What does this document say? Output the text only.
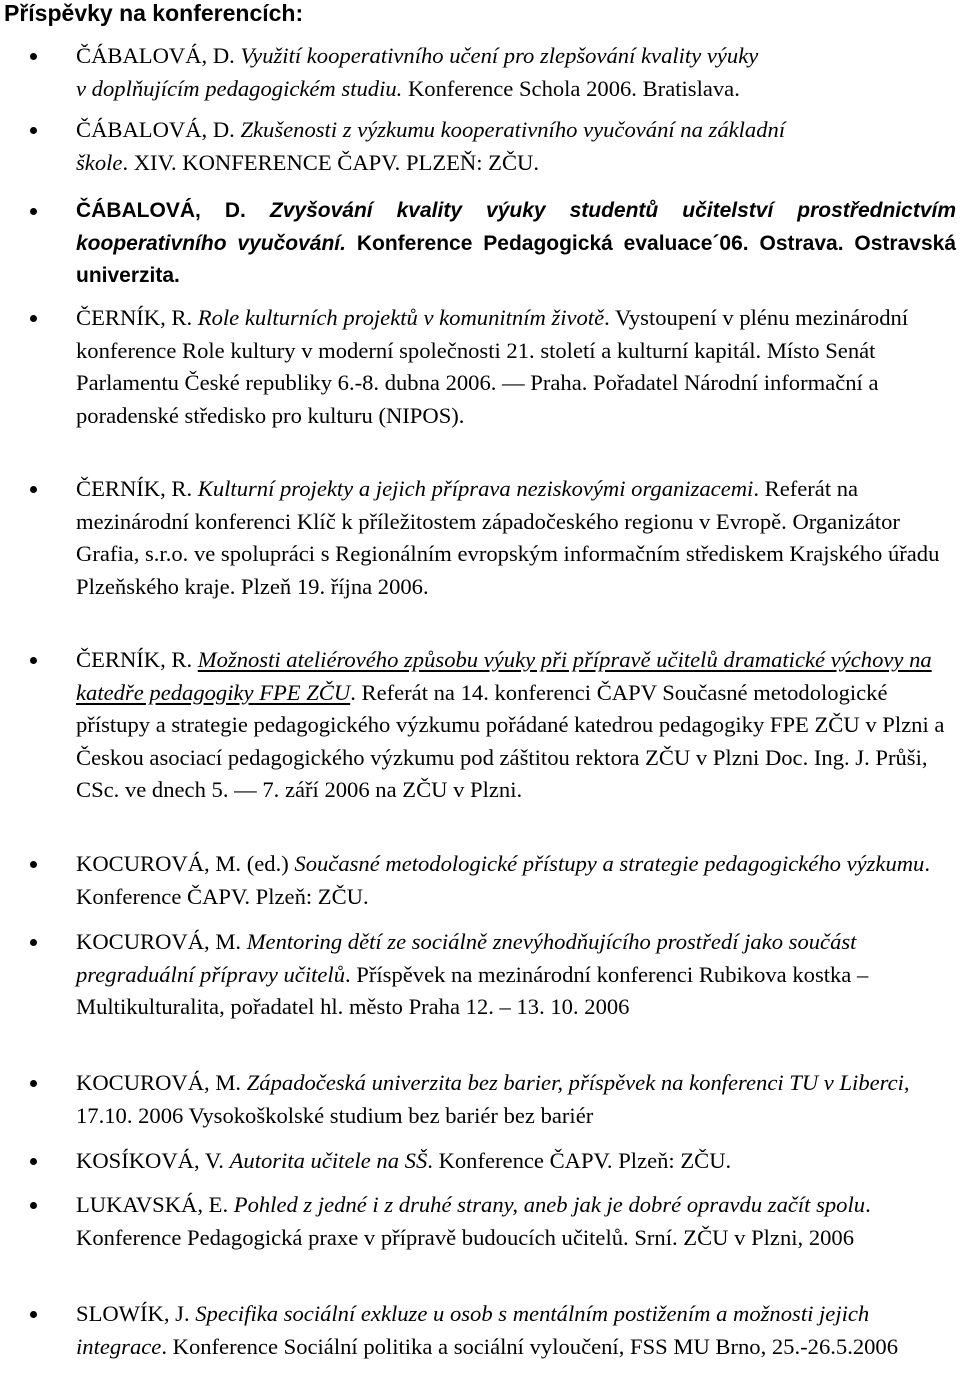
Příspěvky na konferencích:
ČÁBALOVÁ, D. Využití kooperativního učení pro zlepšování kvality výuky
v doplňujícím pedagogickém studiu. Konference Schola 2006. Bratislava.
ČÁBALOVÁ, D. Zkušenosti z výzkumu kooperativního vyučování na základní
škole. XIV. KONFERENCE ČAPV. PLZEŇ: ZČU.
ČÁBALOVÁ, D. Zvyšování kvality výuky studentů učitelství prostřednictvím kooperativního vyučování. Konference Pedagogická evaluace´06. Ostrava. Ostravská univerzita.
ČERNÍK, R. Role kulturních projektů v komunitním životě. Vystoupení v plénu mezinárodní konference Role kultury v moderní společnosti 21. století a kulturní kapitál. Místo Senát Parlamentu České republiky 6.-8. dubna 2006. ― Praha. Pořadatel Národní informační a poradenské středisko pro kulturu (NIPOS).
ČERNÍK, R. Kulturní projekty a jejich příprava neziskovými organizacemi. Referát na mezinárodní konferenci Klíč k příležitostem západočeského regionu v Evropě. Organizátor Grafia, s.r.o. ve spolupráci s Regionálním evropským informačním střediskem Krajského úřadu Plzeňského kraje. Plzeň 19. října 2006.
ČERNÍK, R. Možnosti ateliérového způsobu výuky při přípravě učitelů dramatické výchovy na katedře pedagogiky FPE ZČU. Referát na 14. konferenci ČAPV Současné metodologické přístupy a strategie pedagogického výzkumu pořádané katedrou pedagogiky FPE ZČU v Plzni a Českou asociací pedagogického výzkumu pod záštitou rektora ZČU v Plzni Doc. Ing. J. Průši, CSc. ve dnech 5. ― 7. září 2006 na ZČU v Plzni.
KOCUROVÁ, M. (ed.) Současné metodologické přístupy a strategie pedagogického výzkumu. Konference ČAPV. Plzeň: ZČU.
KOCUROVÁ, M. Mentoring dětí ze sociálně znevýhodňujícího prostředí jako součást pregraduální přípravy učitelů. Příspěvek na mezinárodní konferenci Rubikova kostka – Multikulturalita, pořadatel hl. město Praha 12. – 13. 10. 2006
KOCUROVÁ, M. Západočeská univerzita bez barier, příspěvek na konferenci TU v Liberci, 17.10. 2006 Vysokoškolské studium bez bariér bez bariér
KOSÍKOVÁ, V. Autorita učitele na SŠ. Konference ČAPV. Plzeň: ZČU.
LUKAVSKÁ, E. Pohled z jedné i z druhé strany, aneb jak je dobré opravdu začít spolu. Konference Pedagogická praxe v přípravě budoucích učitelů. Srní. ZČU v Plzni, 2006
SLOWÍK, J. Specifika sociální exkluze u osob s mentálním postižením a možnosti jejich integrace. Konference Sociální politika a sociální vyloučení, FSS MU Brno, 25.-26.5.2006
